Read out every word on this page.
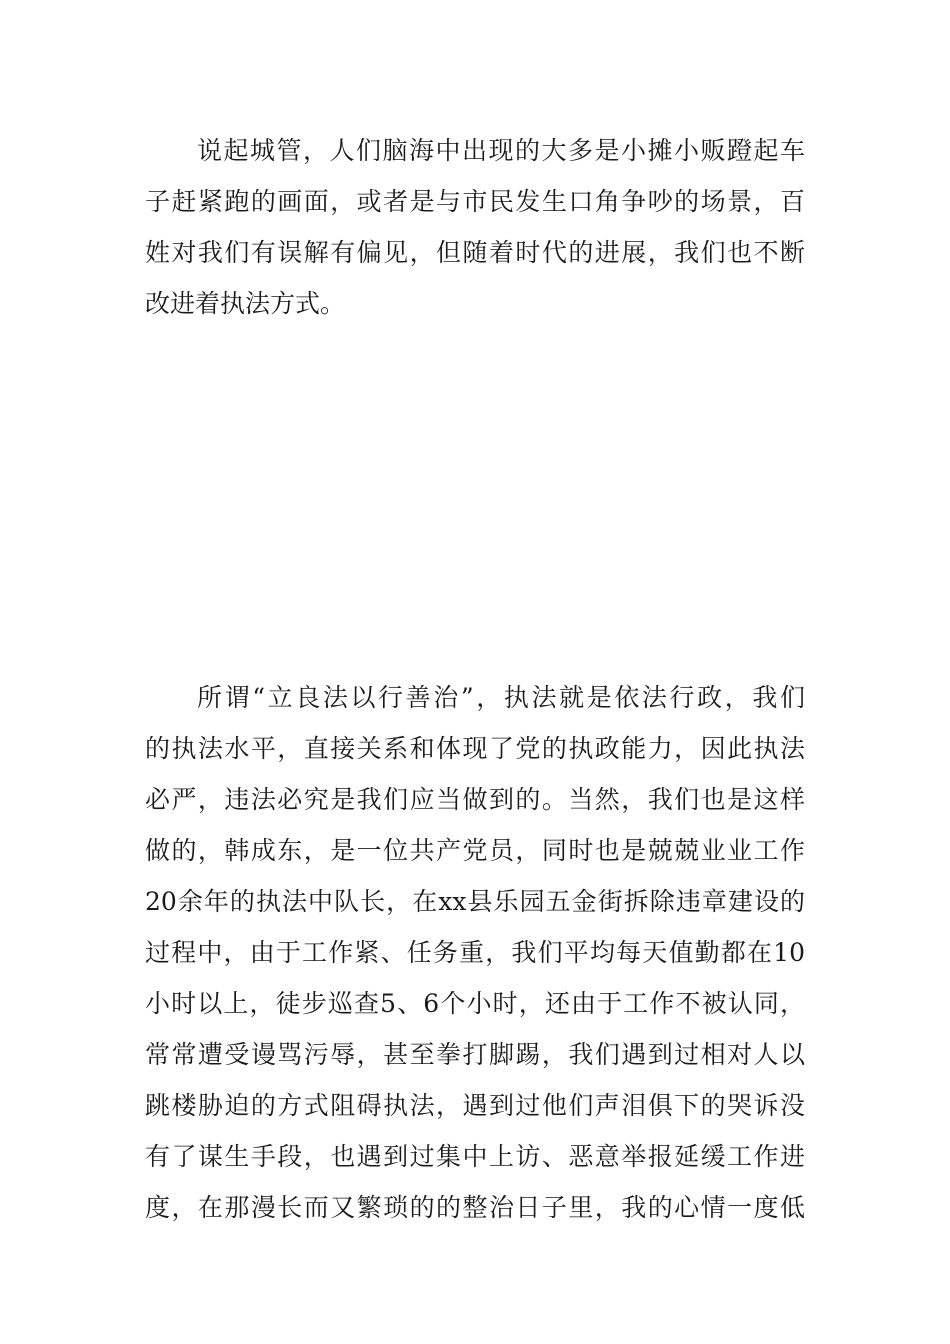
说起城管，人们脑海中出现的大多是小摊小贩蹬起车
子赶紧跑的画面，或者是与市民发生口角争吵的场景，百
姓对我们有误解有偏见，但随着时代的进展，我们也不断
改进着执法方式。

所谓“立良法以行善治”，执法就是依法行政，我们
的执法水平，直接关系和体现了党的执政能力，因此执法
必严，违法必究是我们应当做到的。当然，我们也是这样
做的，韩成东，是一位共产党员，同时也是兢兢业业工作
20余年的执法中队长，在xx县乐园五金街拆除违章建设的
过程中，由于工作紧、任务重，我们平均每天值勤都在10
小时以上，徒步巡查5、6个小时，还由于工作不被认同，
常常遭受谩骂污辱，甚至拳打脚踢，我们遇到过相对人以
跳楼胁迫的方式阻碍执法，遇到过他们声泪俱下的哭诉没
有了谋生手段，也遇到过集中上访、恶意举报延缓工作进
度，在那漫长而又繁琐的的整治日子里，我的心情一度低
